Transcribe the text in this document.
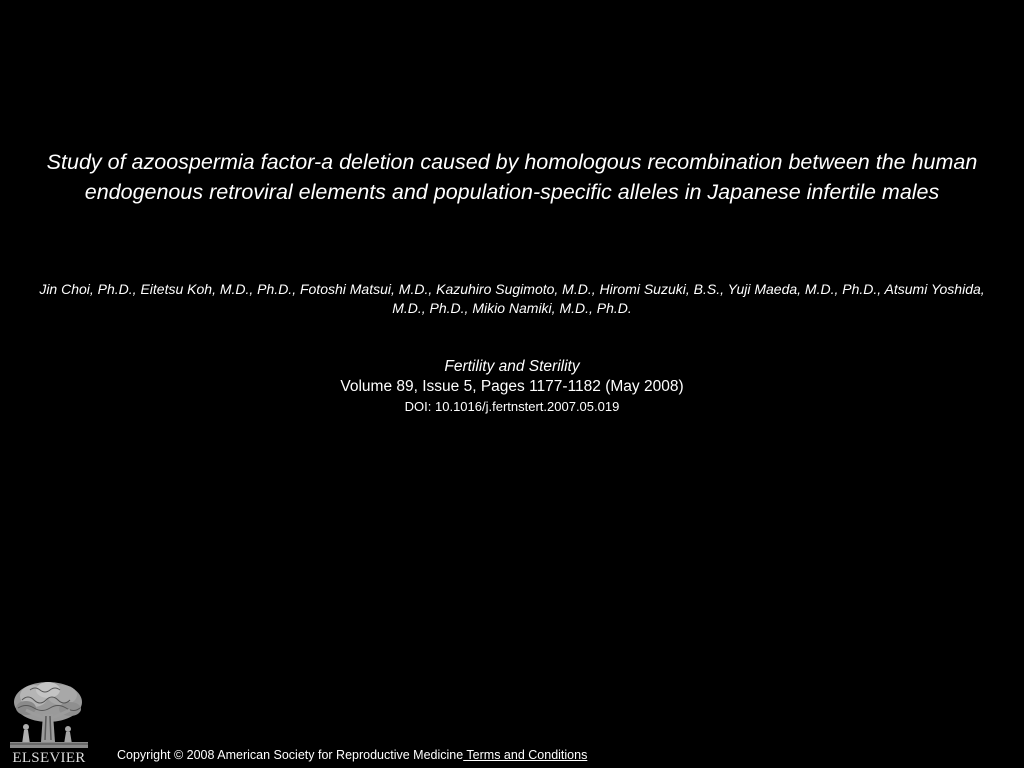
Study of azoospermia factor-a deletion caused by homologous recombination between the human endogenous retroviral elements and population-specific alleles in Japanese infertile males
Jin Choi, Ph.D., Eitetsu Koh, M.D., Ph.D., Fotoshi Matsui, M.D., Kazuhiro Sugimoto, M.D., Hiromi Suzuki, B.S., Yuji Maeda, M.D., Ph.D., Atsumi Yoshida, M.D., Ph.D., Mikio Namiki, M.D., Ph.D.
Fertility and Sterility
Volume 89, Issue 5, Pages 1177-1182 (May 2008)
DOI: 10.1016/j.fertnstert.2007.05.019
ELSEVIER	Copyright © 2008 American Society for Reproductive Medicine Terms and Conditions
